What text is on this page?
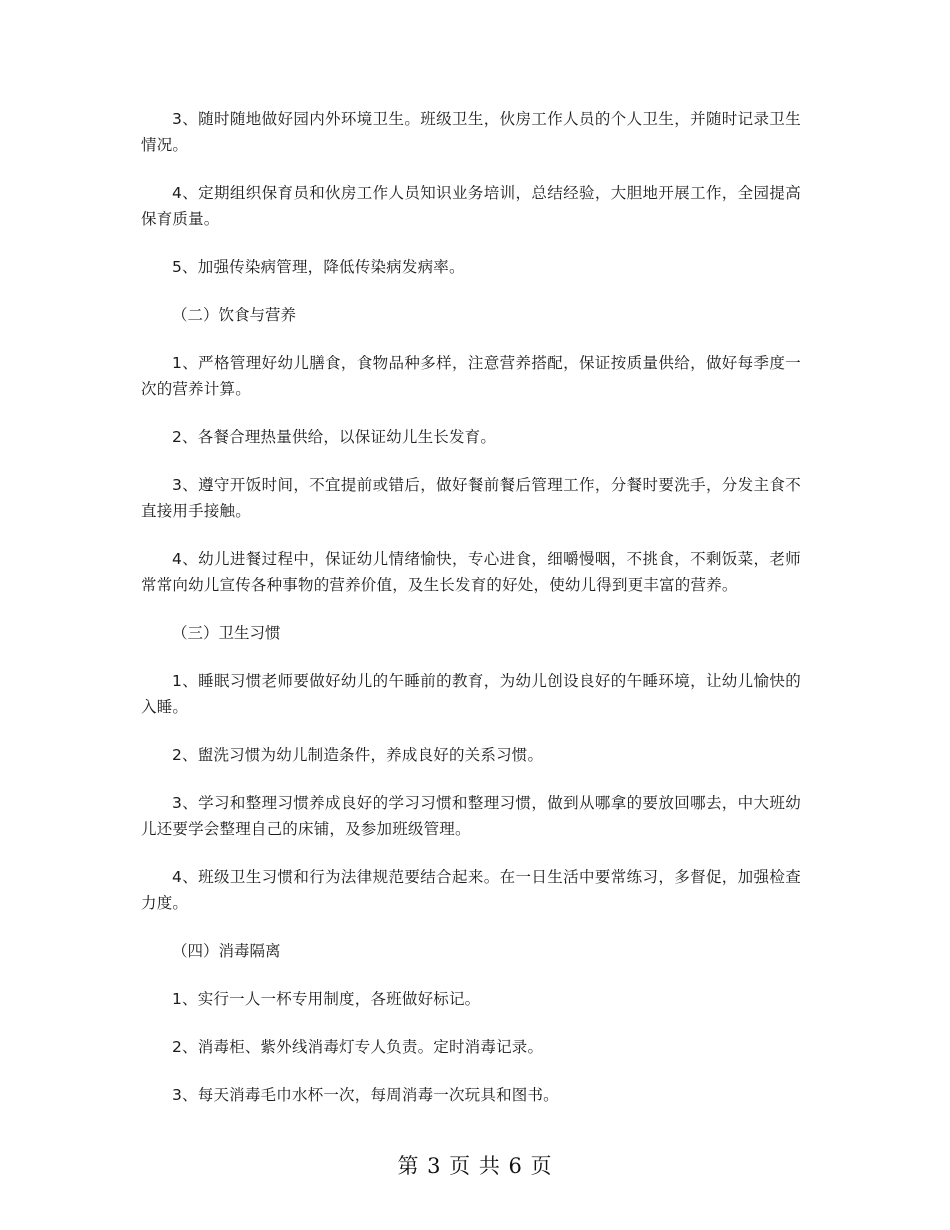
3、随时随地做好园内外环境卫生。班级卫生，伙房工作人员的个人卫生，并随时记录卫生情况。

4、定期组织保育员和伙房工作人员知识业务培训，总结经验，大胆地开展工作，全园提高保育质量。

5、加强传染病管理，降低传染病发病率。

（二）饮食与营养

1、严格管理好幼儿膳食，食物品种多样，注意营养搭配，保证按质量供给，做好每季度一次的营养计算。

2、各餐合理热量供给，以保证幼儿生长发育。

3、遵守开饭时间，不宜提前或错后，做好餐前餐后管理工作，分餐时要洗手，分发主食不直接用手接触。

4、幼儿进餐过程中，保证幼儿情绪愉快，专心进食，细嚼慢咽，不挑食，不剩饭菜，老师常常向幼儿宣传各种事物的营养价值，及生长发育的好处，使幼儿得到更丰富的营养。

（三）卫生习惯

1、睡眠习惯老师要做好幼儿的午睡前的教育，为幼儿创设良好的午睡环境，让幼儿愉快的入睡。

2、盥洗习惯为幼儿制造条件，养成良好的关系习惯。

3、学习和整理习惯养成良好的学习习惯和整理习惯，做到从哪拿的要放回哪去，中大班幼儿还要学会整理自己的床铺，及参加班级管理。

4、班级卫生习惯和行为法律规范要结合起来。在一日生活中要常练习，多督促，加强检查力度。

（四）消毒隔离

1、实行一人一杯专用制度，各班做好标记。

2、消毒柜、紫外线消毒灯专人负责。定时消毒记录。

3、每天消毒毛巾水杯一次，每周消毒一次玩具和图书。

第 3 页 共 6 页
